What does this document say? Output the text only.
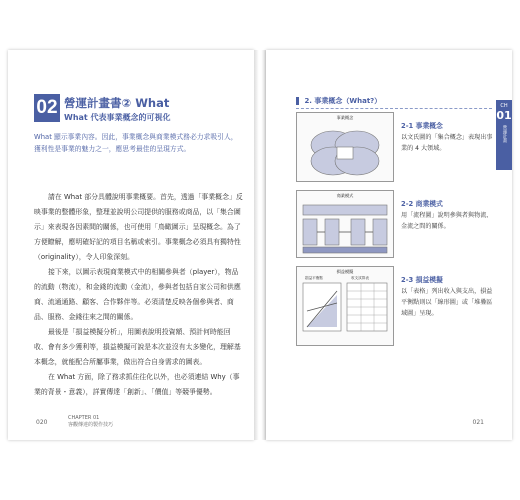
02 營運計畫書② What
What 代表事業概念的可視化
What 顯示事業內容。因此，事業概念與商業模式務必力求吸引人，獲利性是事業的魅力之一，應思考最佳的呈現方式。

請在 What 部分具體說明事業概要。首先，透過「事業概念」反映事業的整體形象，整理並說明公司提供的服務或商品，以「集合圖示」來表現各因素間的關係，也可使用「鳥瞰圖示」呈現概念。為了方便瞭解，應明確好記的項目名稱或索引。事業概念必須具有獨特性（originality），令人印象深刻。

接下來，以圖示表現商業模式中的相關參與者（player），物品的流動（物流），和金錢的流動（金流），參與者包括自家公司和供應商、流通通路、顧客、合作夥伴等。必須清楚反映各個參與者、商品、服務、金錢往來之間的關係。

最後是「損益模擬分析」，用圖表說明投資額、預計何時能回收、會有多少獲利等，損益模擬可說是本次並沒有太多變化，理解基本概念，就能配合所屬事業，做出符合自身需求的圖表。

在 What 方面，除了務求抓住往化以外，也必須連結 Why（事業的背景・意義），詳實傳達「創新」、「價值」等競爭優勢。

020
CHAPTER 01
客觀傳達的製作技巧
2. 事業概念（What?）
事業概念
2-1 事業概念
以文氏圖的「集合概念」表現出事業的 4 大領域。
商業模式
2-2 商業模式
用「流程圖」說明參與者與物流、金流之間的關係。
損益模擬
損益平衡點	收支試算表	2-3 損益模擬
以「表格」列出收入與支出，損益平衡點則以「線形圖」或「堆疊區域圖」呈現。
021
CH
01
營運計畫
